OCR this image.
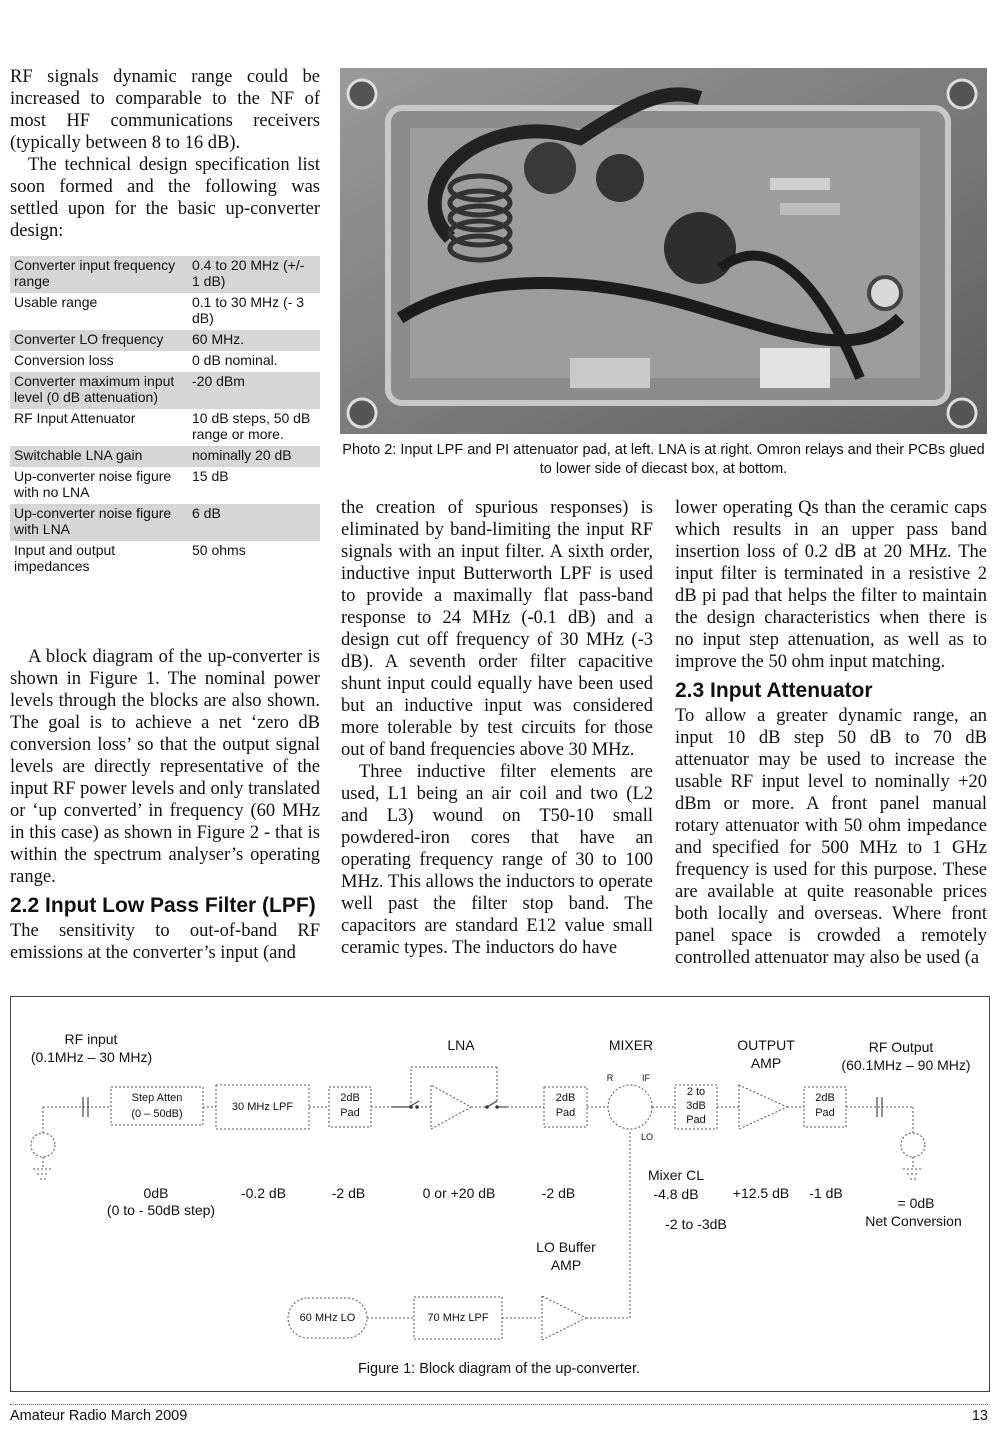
RF signals dynamic range could be increased to comparable to the NF of most HF communications receivers (typically between 8 to 16 dB).

The technical design specification list soon formed and the following was settled upon for the basic up-converter design:

Converter input frequency range	0.4 to 20 MHz (+/- 1 dB)
Usable range	0.1 to 30 MHz (- 3 dB)
Converter LO frequency	60 MHz.
Conversion loss	0 dB nominal.
Converter maximum input level (0 dB attenuation)	-20 dBm
RF Input Attenuator	10 dB steps, 50 dB range or more.
Switchable LNA gain	nominally 20 dB
Up-converter noise figure with no LNA	15 dB
Up-converter noise figure with LNA	6 dB
Input and output impedances	50 ohms

A block diagram of the up-converter is shown in Figure 1. The nominal power levels through the blocks are also shown. The goal is to achieve a net ‘zero dB conversion loss’ so that the output signal levels are directly representative of the input RF power levels and only translated or ‘up converted’ in frequency (60 MHz in this case) as shown in Figure 2 - that is within the spectrum analyser’s operating range.

2.2 Input Low Pass Filter (LPF)

The sensitivity to out-of-band RF emissions at the converter’s input (and

Photo 2: Input LPF and PI attenuator pad, at left. LNA is at right. Omron relays and their PCBs glued to lower side of diecast box, at bottom.

the creation of spurious responses) is eliminated by band-limiting the input RF signals with an input filter. A sixth order, inductive input Butterworth LPF is used to provide a maximally flat pass-band response to 24 MHz (-0.1 dB) and a design cut off frequency of 30 MHz (-3 dB). A seventh order filter capacitive shunt input could equally have been used but an inductive input was considered more tolerable by test circuits for those out of band frequencies above 30 MHz.

Three inductive filter elements are used, L1 being an air coil and two (L2 and L3) wound on T50-10 small powdered-iron cores that have an operating frequency range of 30 to 100 MHz. This allows the inductors to operate well past the filter stop band. The capacitors are standard E12 value small ceramic types. The inductors do have

lower operating Qs than the ceramic caps which results in an upper pass band insertion loss of 0.2 dB at 20 MHz. The input filter is terminated in a resistive 2 dB pi pad that helps the filter to maintain the design characteristics when there is no input step attenuation, as well as to improve the 50 ohm input matching.

2.3 Input Attenuator

To allow a greater dynamic range, an input 10 dB step 50 dB to 70 dB attenuator may be used to increase the usable RF input level to nominally +20 dBm or more. A front panel manual rotary attenuator with 50 ohm impedance and specified for 500 MHz to 1 GHz frequency is used for this purpose. These are available at quite reasonable prices both locally and overseas. Where front panel space is crowded a remotely controlled attenuator may also be used (a

RF input
(0.1MHz – 30 MHz)
LNA	MIXER	OUTPUT
AMP
RF Output
(60.1MHz – 90 MHz)
Step Atten
(0 – 50dB)
30 MHz LPF
2dB
Pad
2dB
Pad
2 to
3dB
Pad
2dB
Pad
R	IF
LO
0dB
(0 to - 50dB step)
-0.2 dB	-2 dB	0 or +20 dB	-2 dB
Mixer CL
-4.8 dB
-2 to -3dB
+12.5 dB	-1 dB
= 0dB
Net Conversion
LO Buffer
AMP
60 MHz LO	70 MHz LPF
Figure 1: Block diagram of the up-converter.
Amateur Radio March 2009	13
